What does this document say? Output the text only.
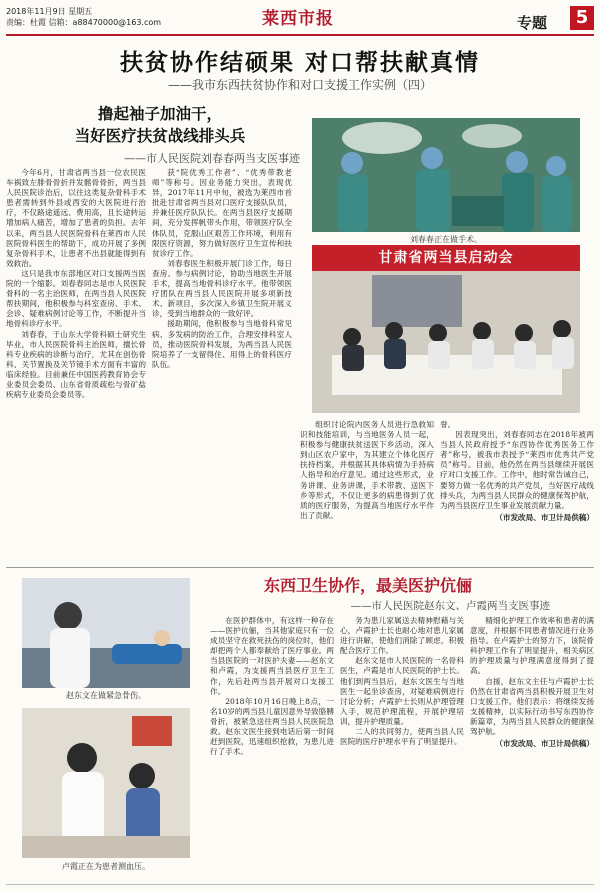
2018年11月9日 星期五
责编：杜霞 信箱：a88470000@163.com	莱西市报	专题	5
扶贫协作结硕果 对口帮扶献真情
——我市东西扶贫协作和对口支援工作实例（四）
撸起袖子加油干，
当好医疗扶贫战线排头兵
——市人民医院刘春春两当支医事迹

今年6月，甘肃省两当县一位农民医车祸致左腓骨骨折并发髂骨骨折，两当县人民医院诊治后，以往这类复杂骨科手术患者需转到外县或西安的大医院进行治疗，不仅路途遥远、费用高，且长途转运增加病人痛苦，增加了患者的负担。去年以来，两当县人民医院骨科在莱西市人民医院骨科医生的帮助下，成功开展了多例复杂骨科手术，让患者不出县就能得到有效救治。

这只是我市东部地区对口支援两当医院的一个缩影。刘春春同志是市人民医院骨科的一名主治医师，在两当县人民医院帮扶期间，他积极参与科室查房、手术、会诊、疑难病例讨论等工作，不断提升当地骨科诊疗水平。

刘春春，于山东大学骨科硕士研究生毕业，市人民医院骨科主治医师，擅长骨科专业疾病的诊断与治疗，尤其在创伤骨科、关节置换及关节镜手术方面有丰富的临床经验。目前兼任中国医药教育协会专业委员会委员、山东省骨质疏松与骨矿盐疾病专业委员会委员等。

获“院优秀工作者”、“优秀带教老师”等称号。因业务能力突出，表现优异，2017年11月中旬，被选为莱西市首批赴甘肃省两当县对口医疗支援队队员，并兼任医疗队队长。在两当县医疗支援期间，充分发挥帆带头作用，带领医疗队全体队员，克服山区艰苦工作环境，利用有限医疗资源，努力做好医疗卫生宣传和扶贫诊疗工作。

刘春春医生积极开展门诊工作，每日查房、参与病例讨论，协助当地医生开展手术，提高当地骨科诊疗水平。他带领医疗团队在两当县人民医院开展多项新技术、新项目，多次深入乡镇卫生院开展义诊，受到当地群众的一致好评。

援助期间，他积极参与当地骨科常见病、多发病的防治工作，合理安排科室人员，推动医院骨科发展，为两当县人民医院培养了一支留得住、用得上的骨科医疗队伍。

刘春春正在做手术。
甘肃省两当县启动会

组织讨论院内医务人员进行急救知识和技能培训，与当地医务人员一起，积极参与健康扶贫送医下乡活动，深入到山区农户家中，为其建立个体化医疗扶持档案，并根据其具体病情为手持病人指导和治疗意见。通过这些形式，业务讲课、业务讲课，手术带教、送医下乡等形式，不仅让更多的病患得到了优质的医疗服务，为提高当地医疗水平作出了贡献。

誉。

因表现突出，刘春春同志在2018年被两当县人民政府授予“东西协作优秀医务工作者”称号，被我市表授予“莱西市优秀共产党员”称号。目前，他仍然在两当县继续开展医疗对口支援工作。工作中，他时常告诫自己，要努力做一名优秀的共产党员，当好医疗战线排头兵，为两当县人民群众的健康保驾护航，为两当县医疗卫生事业发展贡献力量。

（市发改局、市卫计局供稿）
东西卫生协作，最美医护伉俪
——市人民医院赵东文、卢霞两当支医事迹
赵东文在做紧急骨伤。
卢霞正在为患者测血压。

在医护群体中，有这样一种存在——医护伉俪，当其他家庭只有一位成员坚守在救死扶伤的岗位时，他们却把两个人都奉献给了医疗事业。两当县医院的一对医护夫妻——赵东文和卢霞，为支援两当县医疗卫生工作，先后赴两当县开展对口支援工作。

2018年10月16日晚上8点，一名10岁的两当县儿童因意外导致胳膊骨折，被紧急送往两当县人民医院急救。赵东文医生接到电话后第一时间赶到医院，迅速组织抢救，为患儿进行了手术。

务为患儿家属送去精神慰藉与关心，卢霞护士长也耐心地对患儿家属进行讲解，使他们消除了顾虑，积极配合医疗工作。

赵东文是市人民医院的一名骨科医生，卢霞是市人民医院的护士长。他们到两当县后，赵东文医生与当地医生一起坐诊查房，对疑难病例进行讨论分析；卢霞护士长则从护理管理入手，规范护理流程，开展护理培训，提升护理质量。

二人的共同努力，使两当县人民医院的医疗护理水平有了明显提升。

精细化护理工作效率和患者的满意度，并根据不同患者情况进行业务指导。在卢霞护士的努力下，该院骨科护理工作有了明显提升，相关病区的护理质量与护理满意度得到了提高。

自援，赵东文主任与卢霞护士长仍然在甘肃省两当县积极开展卫生对口支援工作。他们表示：将继续发扬支援精神，以实际行动书写东西协作新篇章，为两当县人民群众的健康保驾护航。

（市发改局、市卫计局供稿）
